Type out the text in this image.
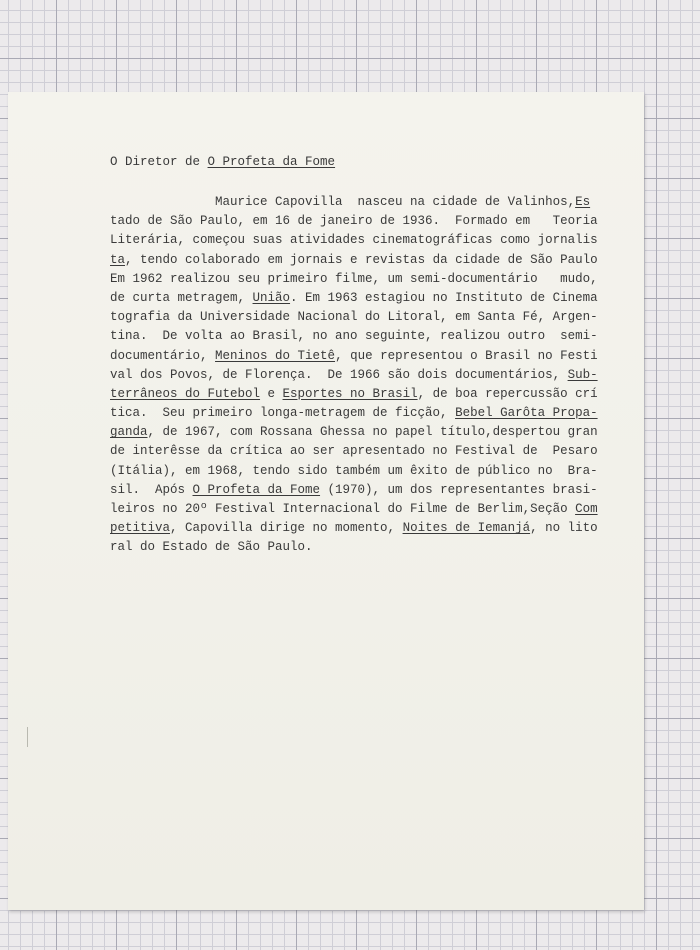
O Diretor de O Profeta da Fome
Maurice Capovilla  nasceu na cidade de Valinhos,Es
tado de São Paulo, em 16 de janeiro de 1936.  Formado em   Teoria
Literária, começou suas atividades cinematográficas como jornalis
ta, tendo colaborado em jornais e revistas da cidade de São Paulo
Em 1962 realizou seu primeiro filme, um semi-documentário   mudo,
de curta metragem, União. Em 1963 estagiou no Instituto de Cinema
tografia da Universidade Nacional do Litoral, em Santa Fé, Argen-
tina.  De volta ao Brasil, no ano seguinte, realizou outro  semi-
documentário, Meninos do Tietê, que representou o Brasil no Festi
val dos Povos, de Florença.  De 1966 são dois documentários, Sub-
terrâneos do Futebol e Esportes no Brasil, de boa repercussão crí
tica.  Seu primeiro longa-metragem de ficção, Bebel Garôta Propa-
ganda, de 1967, com Rossana Ghessa no papel título,despertou gran
de interêsse da crítica ao ser apresentado no Festival de  Pesaro
(Itália), em 1968, tendo sido também um êxito de público no  Bra-
sil.  Após O Profeta da Fome (1970), um dos representantes brasi-
leiros no 20º Festival Internacional do Filme de Berlim,Seção Com
petitiva, Capovilla dirige no momento, Noites de Iemanjá, no lito
ral do Estado de São Paulo.
